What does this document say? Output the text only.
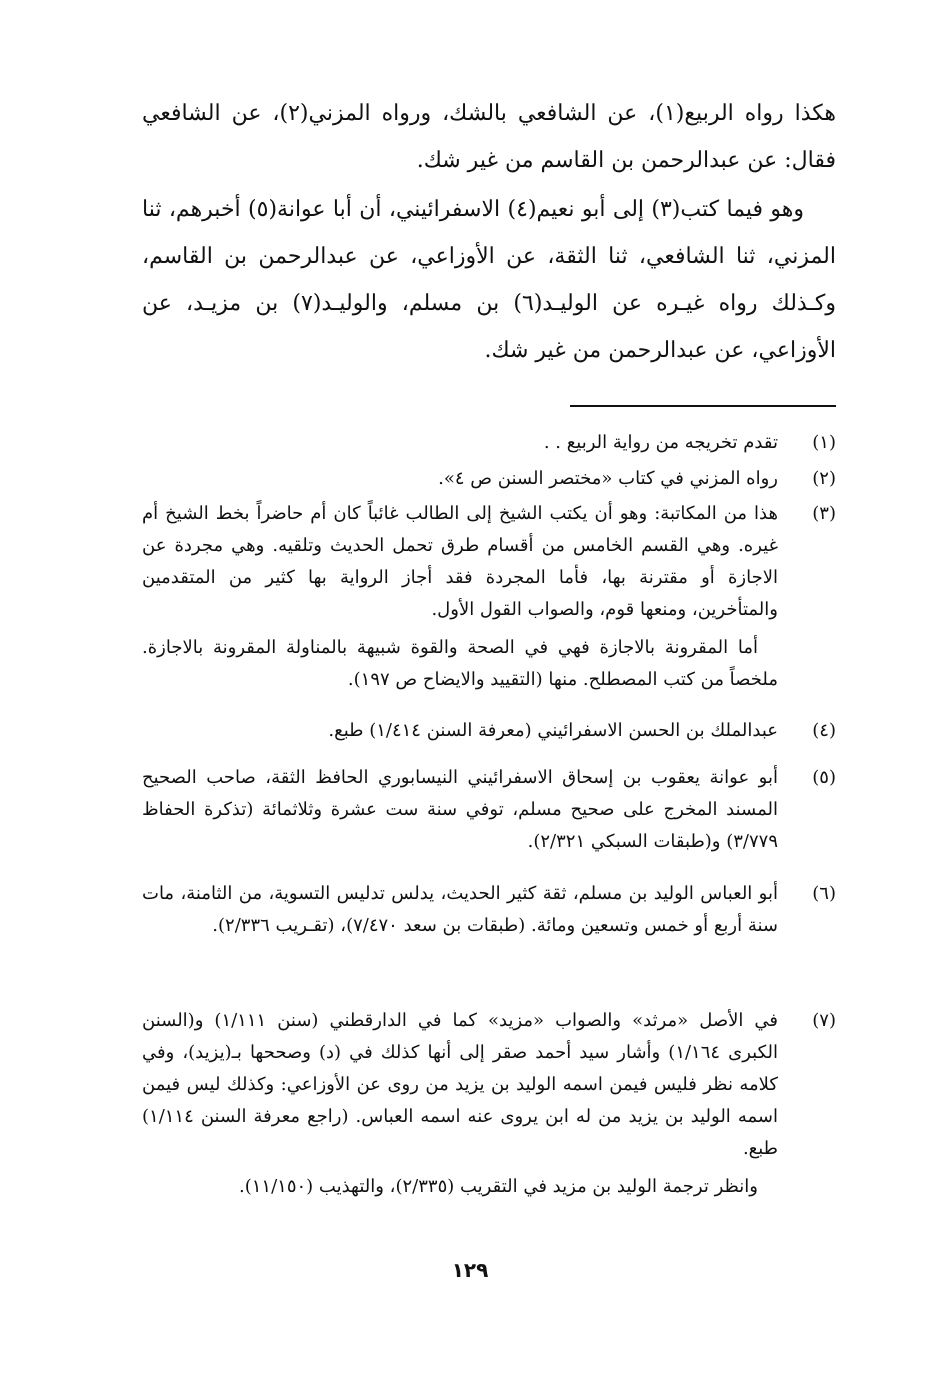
هكذا رواه الربيع(١)، عن الشافعي بالشك، ورواه المزني(٢)، عن الشافعي فقال: عن عبدالرحمن بن القاسم من غير شك.

وهو فيما كتب(٣) إلى أبو نعيم(٤) الاسفرائيني، أن أبا عوانة(٥) أخبرهم، ثنا المزني، ثنا الشافعي، ثنا الثقة، عن الأوزاعي، عن عبدالرحمن بن القاسم، وكـذلك رواه غيـره عن الوليـد(٦) بن مسلم، والوليـد(٧) بن مزيـد، عن الأوزاعي، عن عبدالرحمن من غير شك.

(١)
تقدم تخريجه من رواية الربيع . .
(٢)
رواه المزني في كتاب «مختصر السنن ص ٤».
(٣)
هذا من المكاتبة: وهو أن يكتب الشيخ إلى الطالب غائباً كان أم حاضراً بخط الشيخ أم غيره. وهي القسم الخامس من أقسام طرق تحمل الحديث وتلقيه. وهي مجردة عن الاجازة أو مقترنة بها، فأما المجردة فقد أجاز الرواية بها كثير من المتقدمين والمتأخرين، ومنعها قوم، والصواب القول الأول.
أما المقرونة بالاجازة فهي في الصحة والقوة شبيهة بالمناولة المقرونة بالاجازة. ملخصاً من كتب المصطلح. منها (التقييد والايضاح ص ١٩٧).
(٤)
عبدالملك بن الحسن الاسفرائيني (معرفة السنن ١/٤١٤) طبع.
(٥)
أبو عوانة يعقوب بن إسحاق الاسفرائيني النيسابوري الحافظ الثقة، صاحب الصحيح المسند المخرج على صحيح مسلم، توفي سنة ست عشرة وثلاثمائة (تذكرة الحفاظ ٣/٧٧٩) و(طبقات السبكي ٢/٣٢١).
(٦)
أبو العباس الوليد بن مسلم، ثقة كثير الحديث، يدلس تدليس التسوية، من الثامنة، مات سنة أربع أو خمس وتسعين ومائة. (طبقات بن سعد ٧/٤٧٠)، (تقـريب ٢/٣٣٦).
(٧)
في الأصل «مرثد» والصواب «مزيد» كما في الدارقطني (سنن ١/١١١) و(السنن الكبرى ١/١٦٤) وأشار سيد أحمد صقر إلى أنها كذلك في (د) وصححها بـ(يزيد)، وفي كلامه نظر فليس فيمن اسمه الوليد بن يزيد من روى عن الأوزاعي: وكذلك ليس فيمن اسمه الوليد بن يزيد من له ابن يروى عنه اسمه العباس. (راجع معرفة السنن ١/١١٤) طبع.
وانظر ترجمة الوليد بن مزيد في التقريب (٢/٣٣٥)، والتهذيب (١١/١٥٠).
١٢٩
